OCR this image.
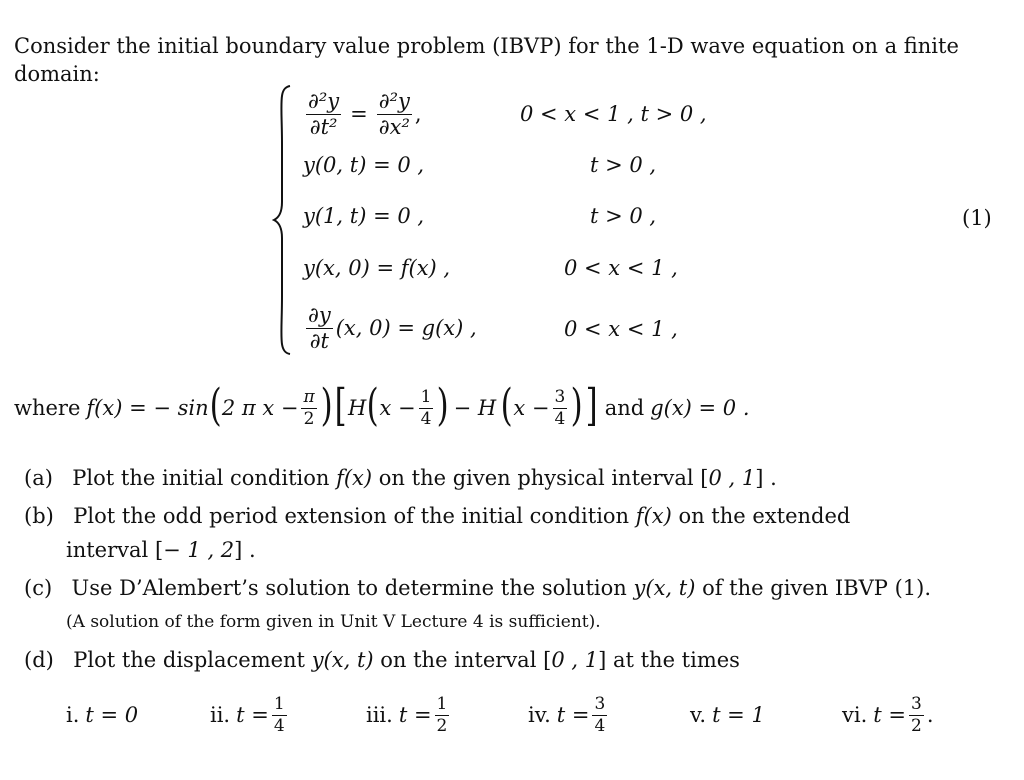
Consider the initial boundary value problem (IBVP) for the 1-D wave equation on a finite
domain:
$\frac{\text{∂²y}}{\text{∂t²}} = \frac{\text{∂²y}}{\text{∂x²}}$ ,	0 < x < 1 , t > 0 ,
y(0, t) = 0 ,	t > 0 ,
y(1, t) = 0 ,	t > 0 ,	(1)
y(x, 0) = f(x) ,	0 < x < 1 ,
$\frac{\partial y}{\partial t} (x$, 0) = g(x) ,	0 < x < 1 ,
where f(x) = − sin ( 2 π $x - \frac{\pi}{2}$ ) [ H ( $x - \frac{1}{4}$ ) − H ( $x - \frac{3}{4}$ ) ] and g(x) = 0 .
(a) Plot the initial condition f(x) on the given physical interval [0 , 1] .
(b) Plot the odd period extension of the initial condition f(x) on the extended
interval [− 1 , 2] .
(c) Use D’Alembert’s solution to determine the solution y(x, t) of the given IBVP (1).
(A solution of the form given in Unit V Lecture 4 is sufficient).
(d) Plot the displacement y(x, t) on the interval [0 , 1] at the times
i. t = 0	ii. $t = \frac{1}{4}$	iii. $t = \frac{1}{2}$	iv. $t = \frac{3}{4}$	v. t = 1	vi. $t = \frac{3}{2}$ .
